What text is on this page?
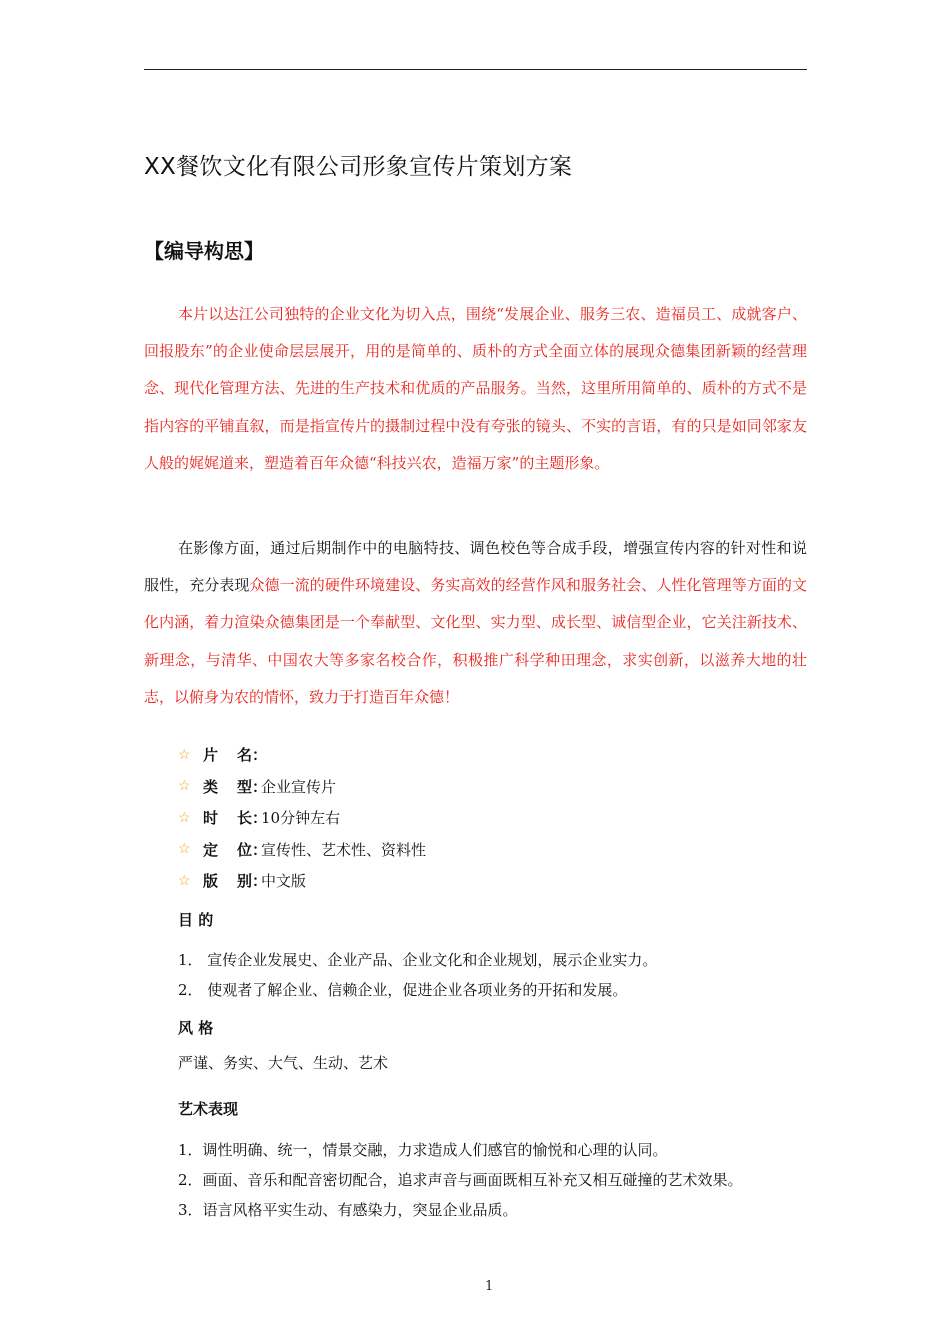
XX餐饮文化有限公司形象宣传片策划方案
【编导构思】
本片以达江公司独特的企业文化为切入点，围绕“发展企业、服务三农、造福员工、成就客户、回报股东”的企业使命层层展开，用的是简单的、质朴的方式全面立体的展现众德集团新颖的经营理念、现代化管理方法、先进的生产技术和优质的产品服务。当然，这里所用简单的、质朴的方式不是指内容的平铺直叙，而是指宣传片的摄制过程中没有夸张的镜头、不实的言语，有的只是如同邻家友人般的娓娓道来，塑造着百年众德“科技兴农，造福万家”的主题形象。
在影像方面，通过后期制作中的电脑特技、调色校色等合成手段，增强宣传内容的针对性和说服性，充分表现众德一流的硬件环境建设、务实高效的经营作风和服务社会、人性化管理等方面的文化内涵，着力渲染众德集团是一个奉献型、文化型、实力型、成长型、诚信型企业，它关注新技术、新理念，与清华、中国农大等多家名校合作，积极推广科学种田理念，求实创新，以滋养大地的壮志，以俯身为农的情怀，致力于打造百年众德！
☆ 片	名：
☆ 类	型：
企业宣传片
☆ 时	长：
10分钟左右
☆ 定	位：
宣传性、艺术性、资料性
☆ 版	别：
中文版
目 的
1． 宣传企业发展史、企业产品、企业文化和企业规划，展示企业实力。
2． 使观者了解企业、信赖企业，促进企业各项业务的开拓和发展。
风 格
严谨、务实、大气、生动、艺术
艺术表现
1．调性明确、统一，情景交融，力求造成人们感官的愉悦和心理的认同。
2．画面、音乐和配音密切配合，追求声音与画面既相互补充又相互碰撞的艺术效果。
3．语言风格平实生动、有感染力，突显企业品质。
1
